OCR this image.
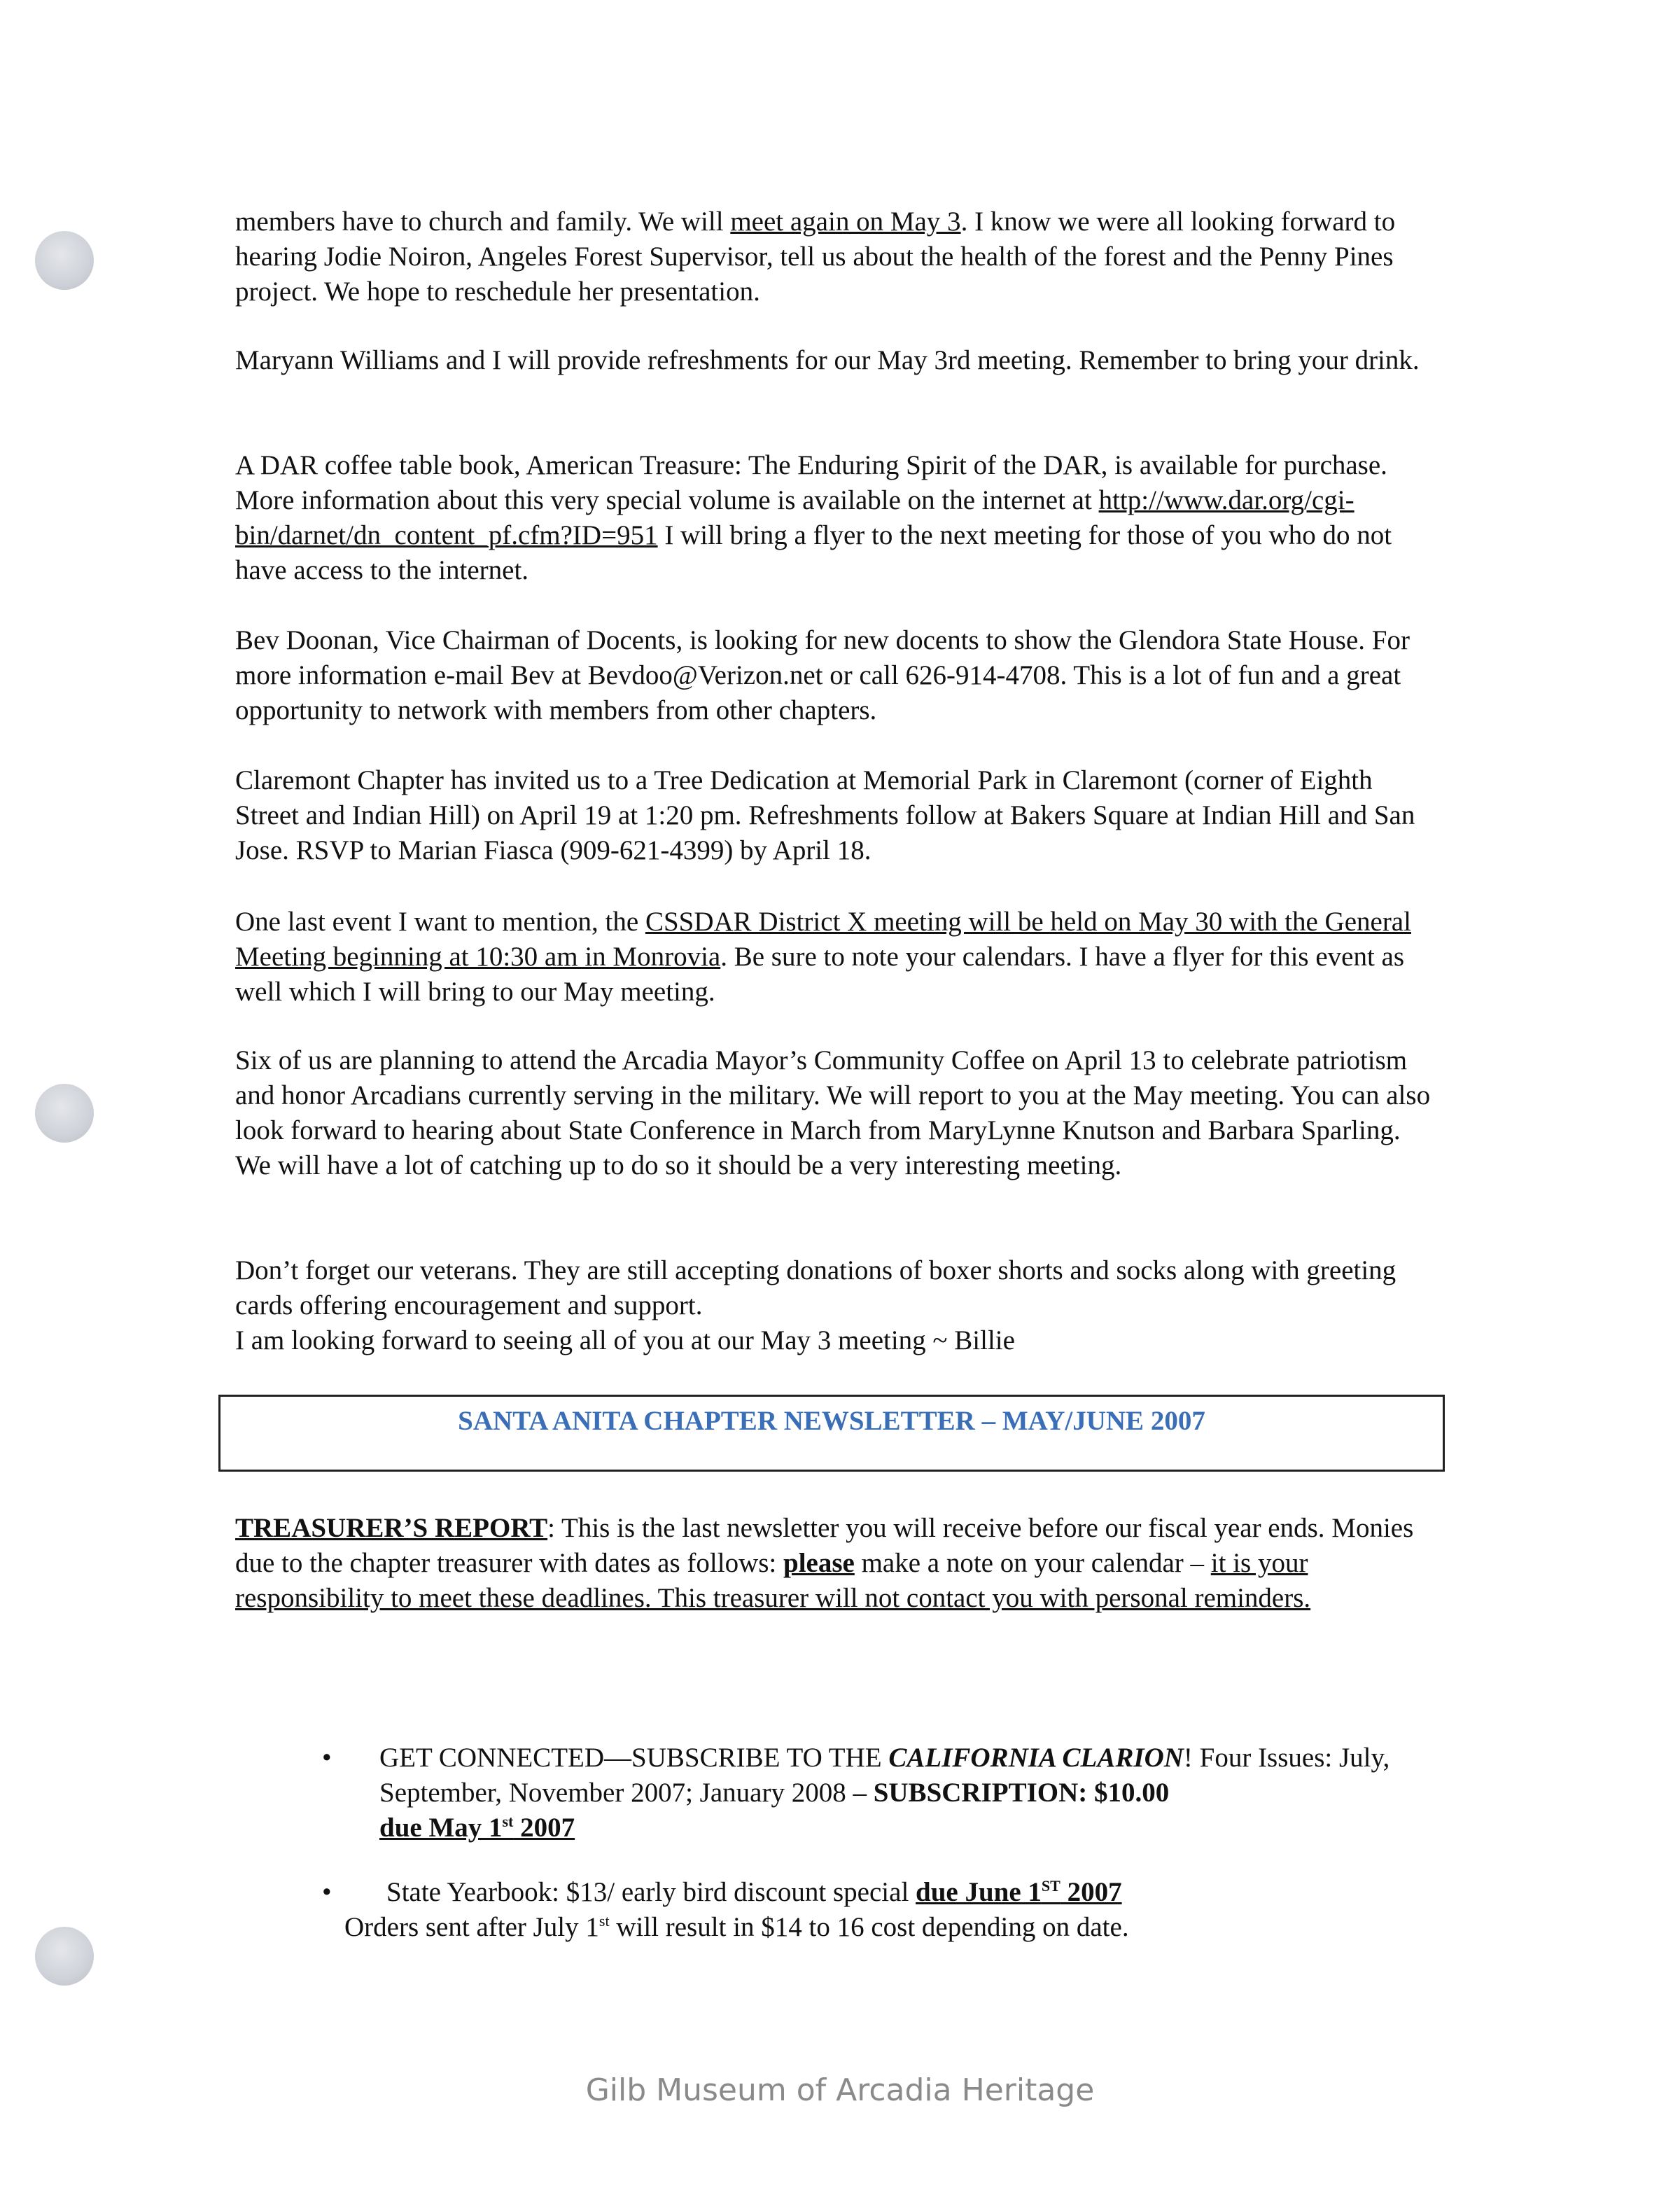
members have to church and family. We will meet again on May 3. I know we were all looking forward to hearing Jodie Noiron, Angeles Forest Supervisor, tell us about the health of the forest and the Penny Pines project. We hope to reschedule her presentation.

Maryann Williams and I will provide refreshments for our May 3rd meeting. Remember to bring your drink.

A DAR coffee table book, American Treasure: The Enduring Spirit of the DAR, is available for purchase. More information about this very special volume is available on the internet at http://www.dar.org/cgi-bin/darnet/dn_content_pf.cfm?ID=951 I will bring a flyer to the next meeting for those of you who do not have access to the internet.

Bev Doonan, Vice Chairman of Docents, is looking for new docents to show the Glendora State House. For more information e-mail Bev at Bevdoo@Verizon.net or call 626-914-4708. This is a lot of fun and a great opportunity to network with members from other chapters.

Claremont Chapter has invited us to a Tree Dedication at Memorial Park in Claremont (corner of Eighth Street and Indian Hill) on April 19 at 1:20 pm. Refreshments follow at Bakers Square at Indian Hill and San Jose. RSVP to Marian Fiasca (909-621-4399) by April 18.

One last event I want to mention, the CSSDAR District X meeting will be held on May 30 with the General Meeting beginning at 10:30 am in Monrovia. Be sure to note your calendars. I have a flyer for this event as well which I will bring to our May meeting.

Six of us are planning to attend the Arcadia Mayor’s Community Coffee on April 13 to celebrate patriotism and honor Arcadians currently serving in the military. We will report to you at the May meeting. You can also look forward to hearing about State Conference in March from MaryLynne Knutson and Barbara Sparling. We will have a lot of catching up to do so it should be a very interesting meeting.

Don’t forget our veterans. They are still accepting donations of boxer shorts and socks along with greeting cards offering encouragement and support.

I am looking forward to seeing all of you at our May 3 meeting ~ Billie

SANTA ANITA CHAPTER NEWSLETTER – MAY/JUNE 2007

TREASURER’S REPORT: This is the last newsletter you will receive before our fiscal year ends. Monies due to the chapter treasurer with dates as follows: please make a note on your calendar – it is your responsibility to meet these deadlines. This treasurer will not contact you with personal reminders.

• GET CONNECTED—SUBSCRIBE TO THE CALIFORNIA CLARION! Four Issues: July, September, November 2007; January 2008 – SUBSCRIPTION: $10.00
due May 1st 2007
• State Yearbook: $13/ early bird discount special due June 1ST 2007
Orders sent after July 1st will result in $14 to 16 cost depending on date.
Gilb Museum of Arcadia Heritage
